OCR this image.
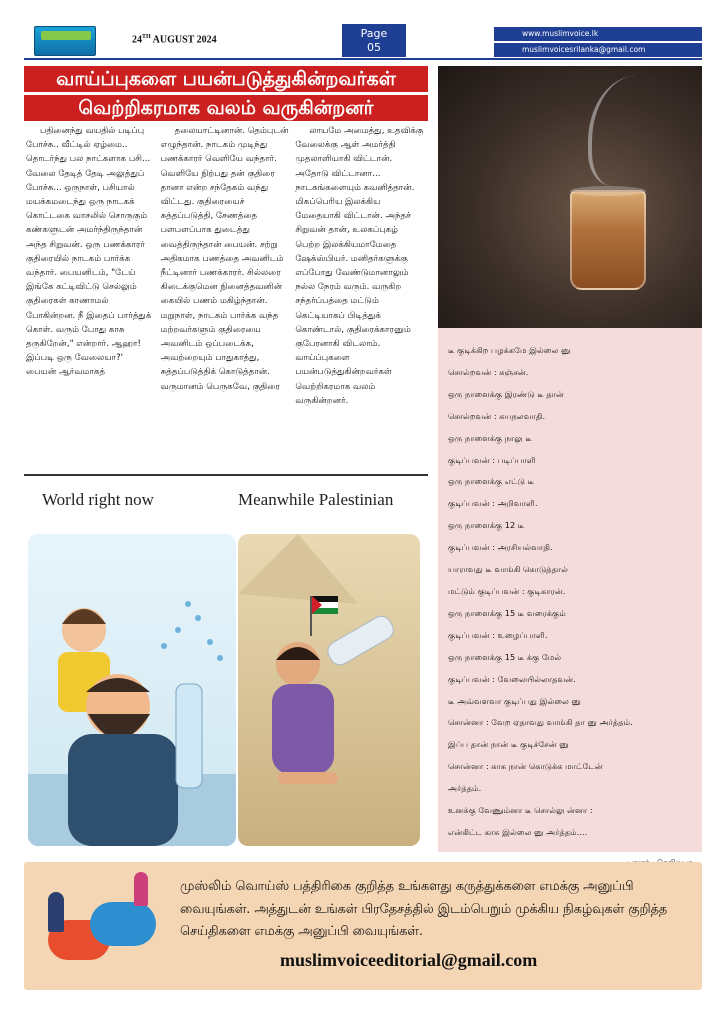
24TH AUGUST 2024	Page
05
www.muslimvoice.lk
muslimvoicesrilanka@gmail.com
வாய்ப்புகளை பயன்படுத்துகின்றவர்கள்
வெற்றிகரமாக வலம் வருகின்றனர்

பதினைந்து வயதில் படிப்பு போச்சு.. வீட்டில் ஏழ்மை.. தொடர்ந்து பல நாட்களாக பசி... வேலை தேடித் தேடி அலுத்துப் போச்சு... ஒருநாள், பசியால் மயக்கமடைந்து ஒரு நாடகக் கொட்டகை வாசலில் சொருகும் கண்களுடன் அமர்ந்திருந்தான் அந்த சிறுவன். ஒரு பணக்காரர் குதிரையில் நாடகம் பார்க்க வந்தார். பையனிடம், "டேய் இங்கே கட்டிவிட்டு செல்லும் குதிரைகள் காணாமல் போகின்றன. நீ இதைப் பார்த்துக் கொள். வரும் போது காசு தருகிறேன்," என்றார். ஆஹா! இப்படி ஒரு வேலையா?' பையன் ஆர்வமாகத்

தலையாட்டினான். தெம்புடன் எழுந்தான். நாடகம் முடிந்து பணக்காரர் வெளியே வந்தார். வெளியே நிற்பது தன் குதிரை தானா என்ற சந்தேகம் வந்து விட்டது. குதிரையைச் சுத்தப்படுத்தி, சேணத்தை பளபளப்பாக துடைத்து வைத்திருந்தான் பையன். சற்று அதிகமாக பணத்தை அவனிடம் நீட்டினார் பணக்காரர். சில்லரை கிடைக்குமென நினைத்தவனின் கையில் பணம் மகிழ்ந்தான். மறுநாள், நாடகம் பார்க்க வந்த மற்றவர்களும் குதிரையை அவனிடம் ஒப்படைக்க, அவற்றையும் பாதுகாத்து, சுத்தப்படுத்திக் கொடுத்தான். வருமானம் பெருகவே, குதிரை

லாயமே அமைத்து, உதவிக்கு வேலைக்கு ஆள் அமர்த்தி முதலாளியாகி விட்டான். அதோடு விட்டானா... நாடகங்களையும் கவனித்தான். மிகப்பெரிய இலக்கிய மேதையாகி விட்டான். அந்தச் சிறுவன் தான், உலகப்புகழ் பெற்ற இலக்கியமாமேதை ஷேக்ஸ்பியர். மனிதர்களுக்கு எப்போது வேண்டுமானாலும் நல்ல நேரம் வரும். வருகிற சந்தர்ப்பத்தை மட்டும் கெட்டியாகப் பிடித்துக் கொண்டால், குதிரைக்காரனும் குபேரனாகி விடலாம். வாய்ப்புகளை பயன்படுத்துகின்றவர்கள் வெற்றிகரமாக வலம் வருகின்றனர்.

World right now	Meanwhile Palestinian
டீ குடிக்கிற பழக்கமே இல்லை னு
சொல்றவன் : கஞ்சன்.
ஒரு நாளைக்கு இரண்டு டீ தான்
சொல்றவன் : சுயநலவாதி.
ஒரு நாளைக்கு நாலு டீ
குடிப்பவன் : படிப்பாளி
ஒரு நாளைக்கு எட்டு டீ
குடிப்பவன் : அறிவாளி.
ஒரு நாளைக்கு 12 டீ
குடிப்பவன் : அரசியல்வாதி.
யாராவது டீ வாங்கி கொடுத்தால்
மட்டும் குடிப்பவன் : குடிகாரன்.
ஒரு நாளைக்கு 15 டீ வரைக்கும்
குடிப்பவன் : உழைப்பாளி.
ஒரு நாளைக்கு 15 டீ க்கு மேல்
குடிப்பவன் : வேலையில்லாதவன்.
டீ அவ்வளவா குடிப்பது இல்லை னு
சொன்னா : வேற ஏதாவது வாங்கி தா னு அர்த்தம்.
இப்ப தான் நான் டீ குடிச்சேன் னு
சொன்னா : காசு நான் கொடுக்க மாட்டேன்
அர்த்தம்.
உனக்கு வேணும்னா டீ சொல்லு ன்னா :
என்கிட்ட காசு இல்லை னு அர்த்தம்....
முஸ்லிம் வொய்ஸ் பத்திரிகை குறித்த உங்களது கருத்துக்களை எமக்கு அனுப்பி வையுங்கள். அத்துடன் உங்கள் பிரதேசத்தில் இடம்பெறும் முக்கிய நிகழ்வுகள் குறித்த செய்திகளை எமக்கு அனுப்பி வையுங்கள்.
muslimvoiceeditorial@gmail.com
